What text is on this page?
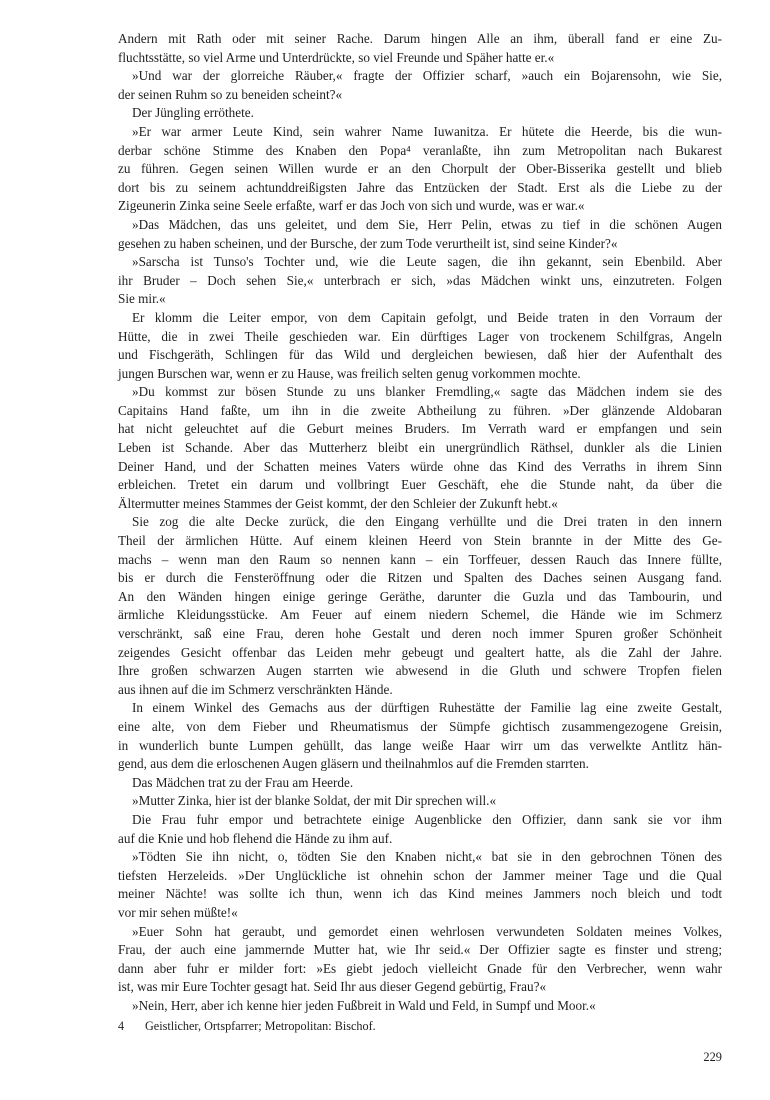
Andern mit Rath oder mit seiner Rache. Darum hingen Alle an ihm, überall fand er eine Zu-
fluchtsstätte, so viel Arme und Unterdrückte, so viel Freunde und Späher hatte er.«
»Und war der glorreiche Räuber,« fragte der Offizier scharf, »auch ein Bojarensohn, wie Sie,
der seinen Ruhm so zu beneiden scheint?«
Der Jüngling erröthete.
»Er war armer Leute Kind, sein wahrer Name Iuwanitza. Er hütete die Heerde, bis die wun-
derbar schöne Stimme des Knaben den Popa⁴ veranlaßte, ihn zum Metropolitan nach Bukarest
zu führen. Gegen seinen Willen wurde er an den Chorpult der Ober-Bisserika gestellt und blieb
dort bis zu seinem achtunddreißigsten Jahre das Entzücken der Stadt. Erst als die Liebe zu der
Zigeunerin Zinka seine Seele erfaßte, warf er das Joch von sich und wurde, was er war.«
»Das Mädchen, das uns geleitet, und dem Sie, Herr Pelin, etwas zu tief in die schönen Augen
gesehen zu haben scheinen, und der Bursche, der zum Tode verurtheilt ist, sind seine Kinder?«
»Sarscha ist Tunso's Tochter und, wie die Leute sagen, die ihn gekannt, sein Ebenbild. Aber
ihr Bruder – Doch sehen Sie,« unterbrach er sich, »das Mädchen winkt uns, einzutreten. Folgen
Sie mir.«
Er klomm die Leiter empor, von dem Capitain gefolgt, und Beide traten in den Vorraum der
Hütte, die in zwei Theile geschieden war. Ein dürftiges Lager von trockenem Schilfgras, Angeln
und Fischgeräth, Schlingen für das Wild und dergleichen bewiesen, daß hier der Aufenthalt des
jungen Burschen war, wenn er zu Hause, was freilich selten genug vorkommen mochte.
»Du kommst zur bösen Stunde zu uns blanker Fremdling,« sagte das Mädchen indem sie des
Capitains Hand faßte, um ihn in die zweite Abtheilung zu führen. »Der glänzende Aldobaran
hat nicht geleuchtet auf die Geburt meines Bruders. Im Verrath ward er empfangen und sein
Leben ist Schande. Aber das Mutterherz bleibt ein unergründlich Räthsel, dunkler als die Linien
Deiner Hand, und der Schatten meines Vaters würde ohne das Kind des Verraths in ihrem Sinn
erbleichen. Tretet ein darum und vollbringt Euer Geschäft, ehe die Stunde naht, da über die
Ältermutter meines Stammes der Geist kommt, der den Schleier der Zukunft hebt.«
Sie zog die alte Decke zurück, die den Eingang verhüllte und die Drei traten in den innern
Theil der ärmlichen Hütte. Auf einem kleinen Heerd von Stein brannte in der Mitte des Ge-
machs – wenn man den Raum so nennen kann – ein Torffeuer, dessen Rauch das Innere füllte,
bis er durch die Fensteröffnung oder die Ritzen und Spalten des Daches seinen Ausgang fand.
An den Wänden hingen einige geringe Geräthe, darunter die Guzla und das Tambourin, und
ärmliche Kleidungsstücke. Am Feuer auf einem niedern Schemel, die Hände wie im Schmerz
verschränkt, saß eine Frau, deren hohe Gestalt und deren noch immer Spuren großer Schönheit
zeigendes Gesicht offenbar das Leiden mehr gebeugt und gealtert hatte, als die Zahl der Jahre.
Ihre großen schwarzen Augen starrten wie abwesend in die Gluth und schwere Tropfen fielen
aus ihnen auf die im Schmerz verschränkten Hände.
In einem Winkel des Gemachs aus der dürftigen Ruhestätte der Familie lag eine zweite Gestalt,
eine alte, von dem Fieber und Rheumatismus der Sümpfe gichtisch zusammengezogene Greisin,
in wunderlich bunte Lumpen gehüllt, das lange weiße Haar wirr um das verwelkte Antlitz hän-
gend, aus dem die erloschenen Augen gläsern und theilnahmlos auf die Fremden starrten.
Das Mädchen trat zu der Frau am Heerde.
»Mutter Zinka, hier ist der blanke Soldat, der mit Dir sprechen will.«
Die Frau fuhr empor und betrachtete einige Augenblicke den Offizier, dann sank sie vor ihm
auf die Knie und hob flehend die Hände zu ihm auf.
»Tödten Sie ihn nicht, o, tödten Sie den Knaben nicht,« bat sie in den gebrochnen Tönen des
tiefsten Herzeleids. »Der Unglückliche ist ohnehin schon der Jammer meiner Tage und die Qual
meiner Nächte! was sollte ich thun, wenn ich das Kind meines Jammers noch bleich und todt
vor mir sehen müßte!«
»Euer Sohn hat geraubt, und gemordet einen wehrlosen verwundeten Soldaten meines Volkes,
Frau, der auch eine jammernde Mutter hat, wie Ihr seid.« Der Offizier sagte es finster und streng;
dann aber fuhr er milder fort: »Es giebt jedoch vielleicht Gnade für den Verbrecher, wenn wahr
ist, was mir Eure Tochter gesagt hat. Seid Ihr aus dieser Gegend gebürtig, Frau?«
»Nein, Herr, aber ich kenne hier jeden Fußbreit in Wald und Feld, in Sumpf und Moor.«
4 Geistlicher, Ortspfarrer; Metropolitan: Bischof.
229
